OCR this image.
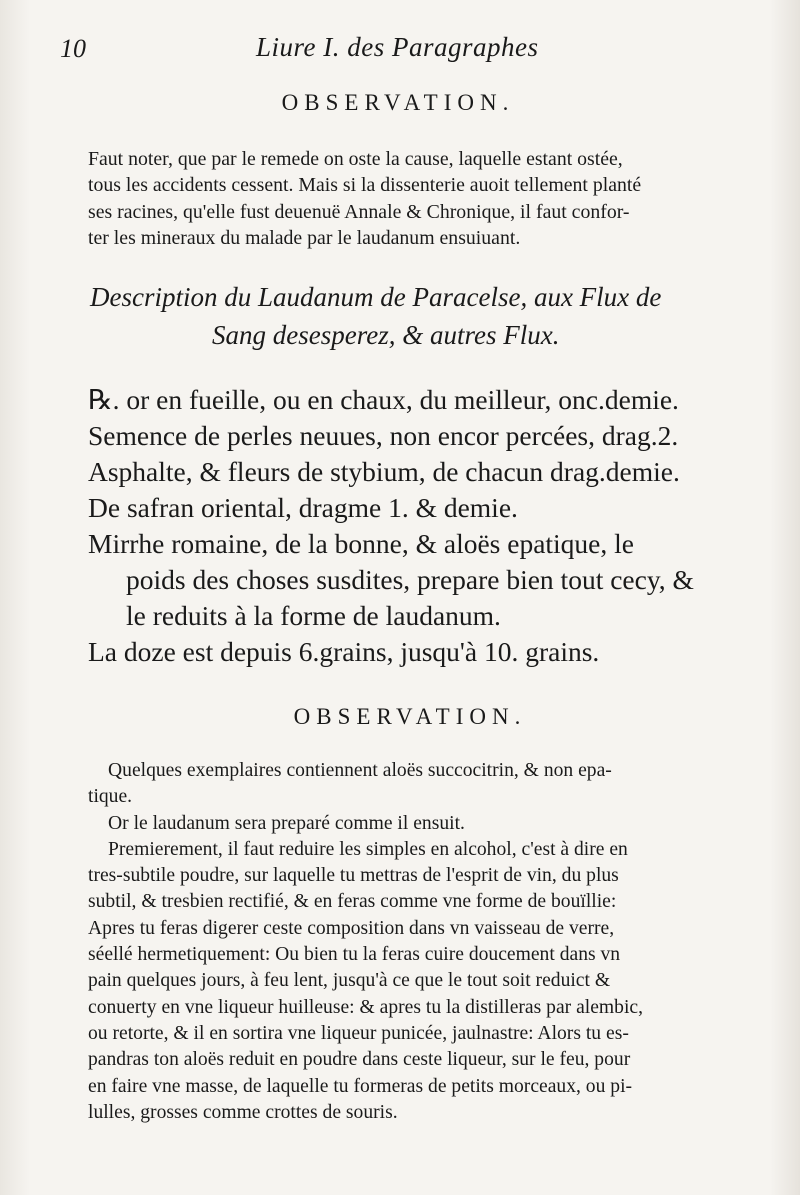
10	Liure I. des Paragraphes
OBSERVATION.
Faut noter, que par le remede on oste la cause, laquelle estant ostée,
tous les accidents cessent. Mais si la dissenterie auoit tellement planté
ses racines, qu'elle fust deuenuë Annale & Chronique, il faut confor-
ter les mineraux du malade par le laudanum ensuiuant.
Description du Laudanum de Paracelse, aux Flux de
Sang desesperez, & autres Flux.
℞. or en fueille, ou en chaux, du meilleur, onc.demie.
Semence de perles neuues, non encor percées, drag.2.
Asphalte, & fleurs de stybium, de chacun drag.demie.
De safran oriental, dragme 1. & demie.
Mirrhe romaine, de la bonne, & aloës epatique, le
poids des choses susdites, prepare bien tout cecy, &
le reduits à la forme de laudanum.
La doze est depuis 6.grains, jusqu'à 10. grains.
OBSERVATION.
Quelques exemplaires contiennent aloës succocitrin, & non epa-
tique.
Or le laudanum sera preparé comme il ensuit.
Premierement, il faut reduire les simples en alcohol, c'est à dire en
tres-subtile poudre, sur laquelle tu mettras de l'esprit de vin, du plus
subtil, & tresbien rectifié, & en feras comme vne forme de bouïllie:
Apres tu feras digerer ceste composition dans vn vaisseau de verre,
séellé hermetiquement: Ou bien tu la feras cuire doucement dans vn
pain quelques jours, à feu lent, jusqu'à ce que le tout soit reduict &
conuerty en vne liqueur huilleuse: & apres tu la distilleras par alembic,
ou retorte, & il en sortira vne liqueur punicée, jaulnastre: Alors tu es-
pandras ton aloës reduit en poudre dans ceste liqueur, sur le feu, pour
en faire vne masse, de laquelle tu formeras de petits morceaux, ou pi-
lulles, grosses comme crottes de souris.
